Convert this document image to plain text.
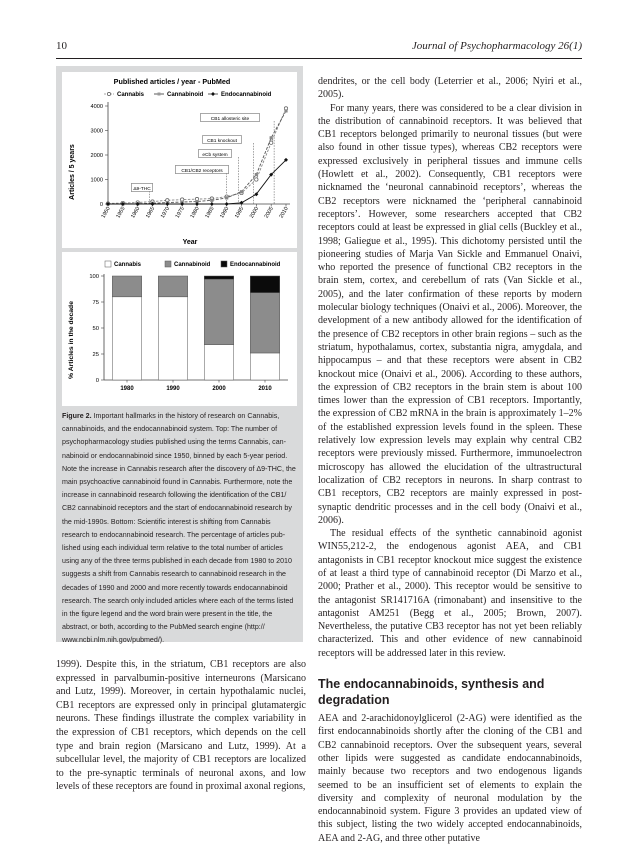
10	Journal of Psychopharmacology 26(1)
Published articles / year - PubMed
Cannabis	Cannabinoid	Endocannabinoid
0
1000
2000
3000
4000
1950 1955 1960 1965 1970 1975 1980 1985 1990 1995 2000 2005 2010
Δ9-THC
CB1/CB2 receptors
eCb system
CB1 knockout
CB1 allosteric site
Articles / 5 years
Year
Cannabis	Cannabinoid	Endocannabinoid
0
25
50
75
100
1980	1990	2000	2010
% Articles in the decade
Figure 2. Important hallmarks in the history of research on Cannabis,
cannabinoids, and the endocannabinoid system. Top: The number of
psychopharmacology studies published using the terms Cannabis, can-
nabinoid or endocannabinoid since 1950, binned by each 5-year period.
Note the increase in Cannabis research after the discovery of Δ9-THC, the
main psychoactive cannabinoid found in Cannabis. Furthermore, note the
increase in cannabinoid research following the identification of the CB1/
CB2 cannabinoid receptors and the start of endocannabinoid research by
the mid-1990s. Bottom: Scientific interest is shifting from Cannabis
research to endocannabinoid research. The percentage of articles pub-
lished using each individual term relative to the total number of articles
using any of the three terms published in each decade from 1980 to 2010
suggests a shift from Cannabis research to cannabinoid research in the
decades of 1990 and 2000 and more recently towards endocannabinoid
research. The search only included articles where each of the terms listed
in the figure legend and the word brain were present in the title, the
abstract, or both, according to the PubMed search engine (http://
www.ncbi.nlm.nih.gov/pubmed/).

1999). Despite this, in the striatum, CB1 receptors are also expressed in parvalbumin-positive interneurons (Marsicano and Lutz, 1999). Moreover, in certain hypothalamic nuclei, CB1 receptors are expressed only in principal glutamatergic neurons. These findings illustrate the complex variability in the expression of CB1 receptors, which depends on the cell type and brain region (Marsicano and Lutz, 1999). At a subcellular level, the majority of CB1 receptors are localized to the pre-synaptic terminals of neuronal axons, and low levels of these receptors are found in proximal axonal regions,

dendrites, or the cell body (Leterrier et al., 2006; Nyiri et al., 2005).

For many years, there was considered to be a clear division in the distribution of cannabinoid receptors. It was believed that CB1 receptors belonged primarily to neuronal tissues (but were also found in other tissue types), whereas CB2 receptors were expressed exclusively in peripheral tissues and immune cells (Howlett et al., 2002). Consequently, CB1 receptors were nicknamed the ‘neuronal cannabinoid receptors’, whereas the CB2 receptors were nicknamed the ‘peripheral cannabinoid receptors’. However, some researchers accepted that CB2 receptors could at least be expressed in glial cells (Buckley et al., 1998; Galiegue et al., 1995). This dichotomy persisted until the pioneering studies of Marja Van Sickle and Emmanuel Onaivi, who reported the presence of functional CB2 receptors in the brain stem, cortex, and cerebellum of rats (Van Sickle et al., 2005), and the later confirmation of these reports by modern molecular biology techniques (Onaivi et al., 2006). Moreover, the development of a new antibody allowed for the identification of the presence of CB2 receptors in other brain regions – such as the striatum, hypothalamus, cortex, substantia nigra, amygdala, and hippocampus – and that these receptors were absent in CB2 knockout mice (Onaivi et al., 2006). According to these authors, the expression of CB2 receptors in the brain stem is about 100 times lower than the expression of CB1 receptors. Importantly, the expression of CB2 mRNA in the brain is approximately 1–2% of the established expression levels found in the spleen. These relatively low expression levels may explain why central CB2 receptors were previously missed. Furthermore, immunoelectron microscopy has allowed the elucidation of the ultrastructural localization of CB2 receptors in neurons. In sharp contrast to CB1 receptors, CB2 receptors are mainly expressed in post-synaptic dendritic processes and in the cell body (Onaivi et al., 2006).

The residual effects of the synthetic cannabinoid agonist WIN55,212-2, the endogenous agonist AEA, and CB1 antagonists in CB1 receptor knockout mice suggest the existence of at least a third type of cannabinoid receptor (Di Marzo et al., 2000; Prather et al., 2000). This receptor would be sensitive to the antagonist SR141716A (rimonabant) and insensitive to the antagonist AM251 (Begg et al., 2005; Brown, 2007). Nevertheless, the putative CB3 receptor has not yet been reliably characterized. This and other evidence of new cannabinoid receptors will be addressed later in this review.

The endocannabinoids, synthesis and degradation

AEA and 2-arachidonoylglicerol (2-AG) were identified as the first endocannabinoids shortly after the cloning of the CB1 and CB2 cannabinoid receptors. Over the subsequent years, several other lipids were suggested as candidate endocannabinoids, mainly because two receptors and two endogenous ligands seemed to be an insufficient set of elements to explain the diversity and complexity of neuronal modulation by the endocannabinoid system. Figure 3 provides an updated view of this subject, listing the two widely accepted endocannabinoids, AEA and 2-AG, and three other putative
